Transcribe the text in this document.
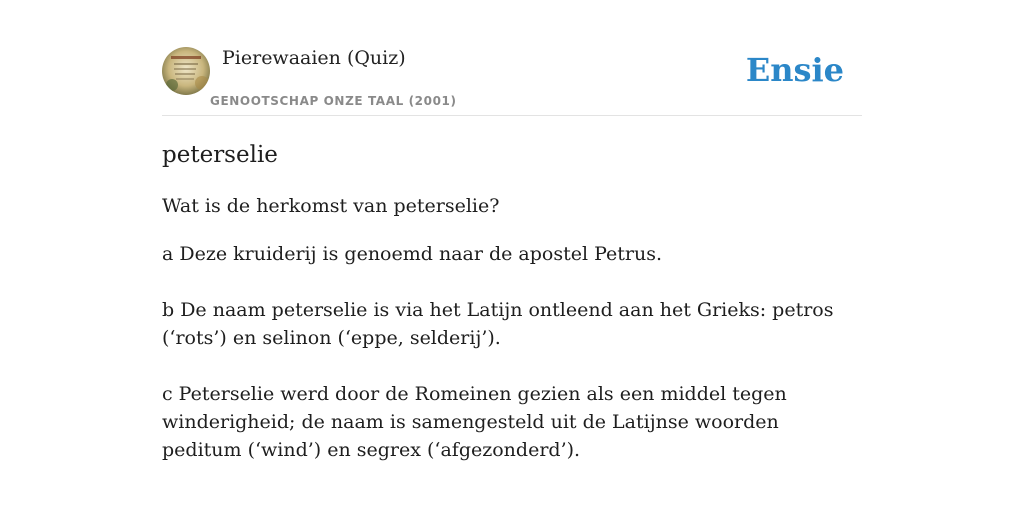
Pierewaaien (Quiz)
GENOOTSCHAP ONZE TAAL (2001)
Ensie
peterselie

Wat is de herkomst van peterselie?

a Deze kruiderij is genoemd naar de apostel Petrus.

b De naam peterselie is via het Latijn ontleend aan het Grieks: petros (‘rots’) en selinon (‘eppe, selderij’).

c Peterselie werd door de Romeinen gezien als een middel tegen winderigheid; de naam is samengesteld uit de Latijnse woorden peditum (‘wind’) en segrex (‘afgezonderd’).
